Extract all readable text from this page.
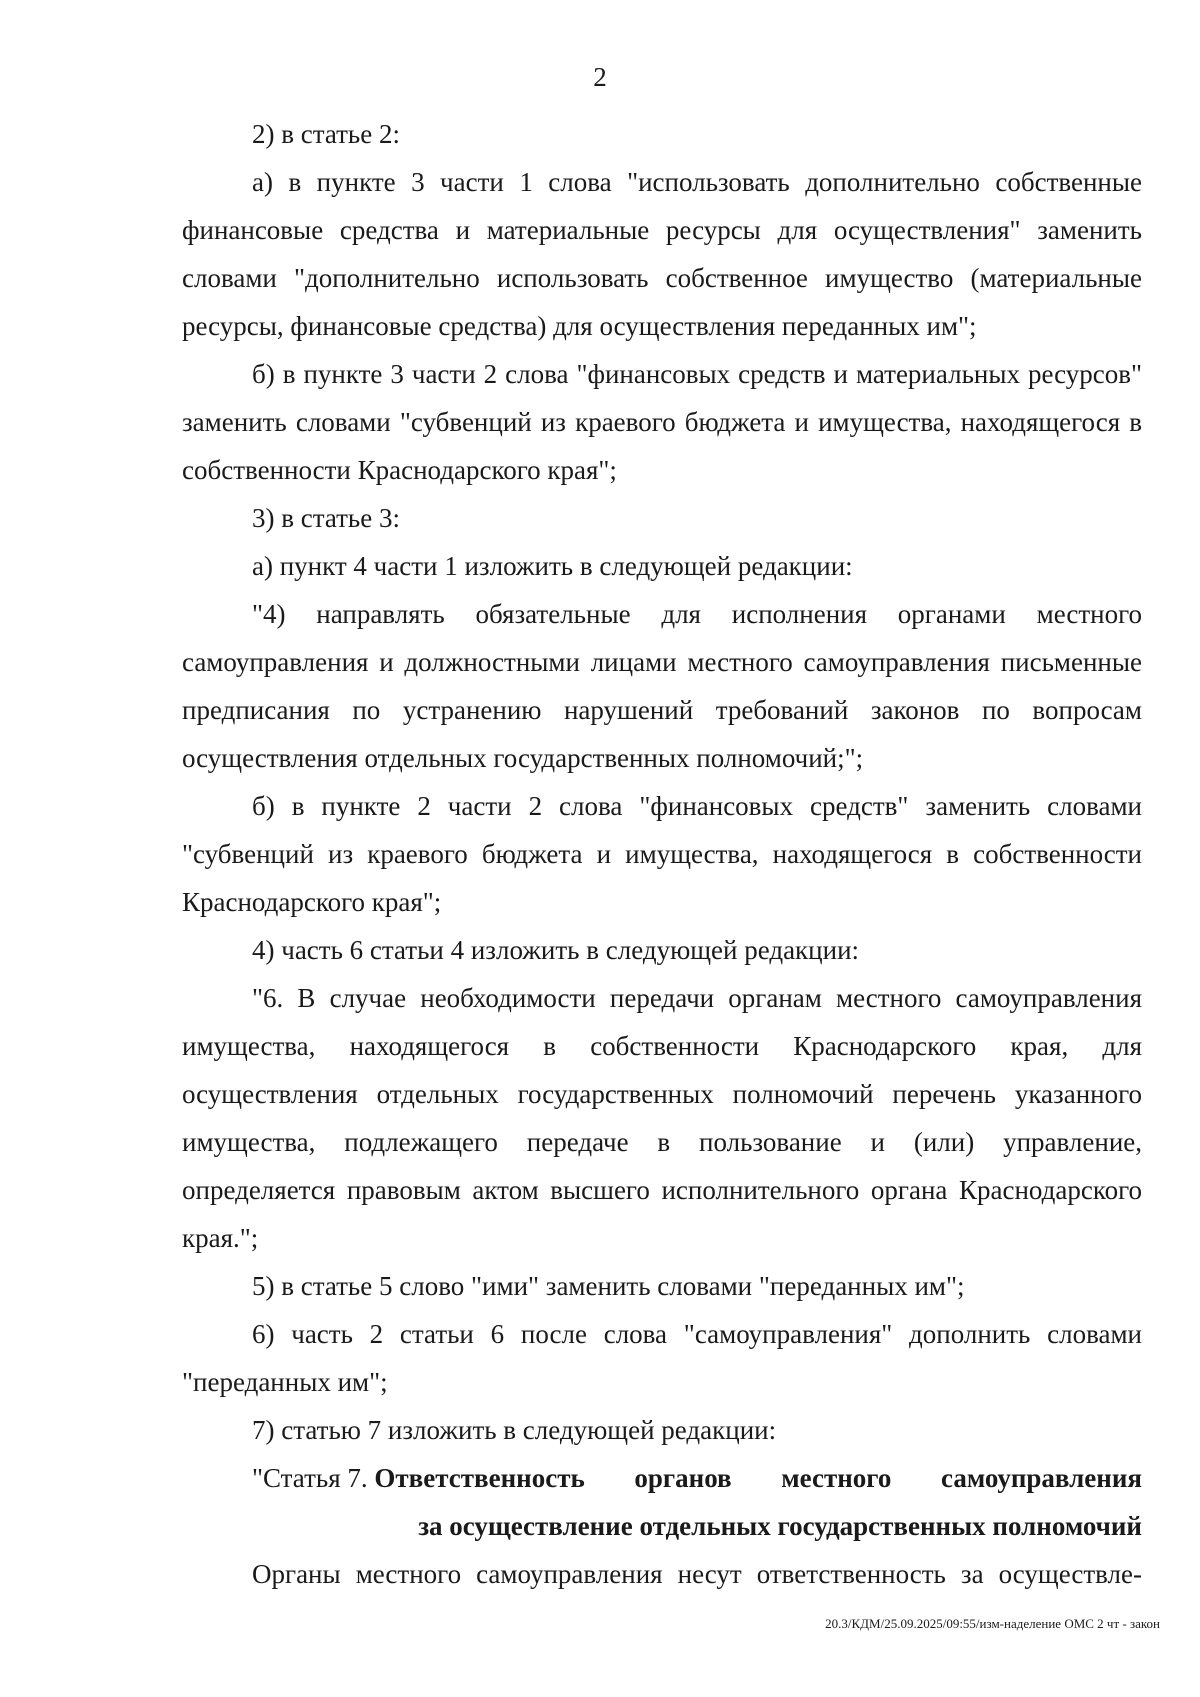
2

2) в статье 2:

а) в пункте 3 части 1 слова "использовать дополнительно собственные финансовые средства и материальные ресурсы для осуществления" заменить словами "дополнительно использовать собственное имущество (материальные ресурсы, финансовые средства) для осуществления переданных им";

б) в пункте 3 части 2 слова "финансовых средств и материальных ресурсов" заменить словами "субвенций из краевого бюджета и имущества, находящегося в собственности Краснодарского края";

3) в статье 3:

а) пункт 4 части 1 изложить в следующей редакции:

"4) направлять обязательные для исполнения органами местного самоуправления и должностными лицами местного самоуправления письменные предписания по устранению нарушений требований законов по вопросам осуществления отдельных государственных полномочий;";

б) в пункте 2 части 2 слова "финансовых средств" заменить словами "субвенций из краевого бюджета и имущества, находящегося в собственности Краснодарского края";

4) часть 6 статьи 4 изложить в следующей редакции:

"6. В случае необходимости передачи органам местного самоуправления имущества, находящегося в собственности Краснодарского края, для осуществления отдельных государственных полномочий перечень указанного имущества, подлежащего передаче в пользование и (или) управление, определяется правовым актом высшего исполнительного органа Краснодарского края.";

5) в статье 5 слово "ими" заменить словами "переданных им";

6) часть 2 статьи 6 после слова "самоуправления" дополнить словами "переданных им";

7) статью 7 изложить в следующей редакции:

"Статья 7. Ответственность органов местного самоуправления
за осуществление отдельных государственных полномочий

Органы местного самоуправления несут ответственность за осуществле-

20.3/КДМ/25.09.2025/09:55/изм-наделение ОМС 2 чт - закон
